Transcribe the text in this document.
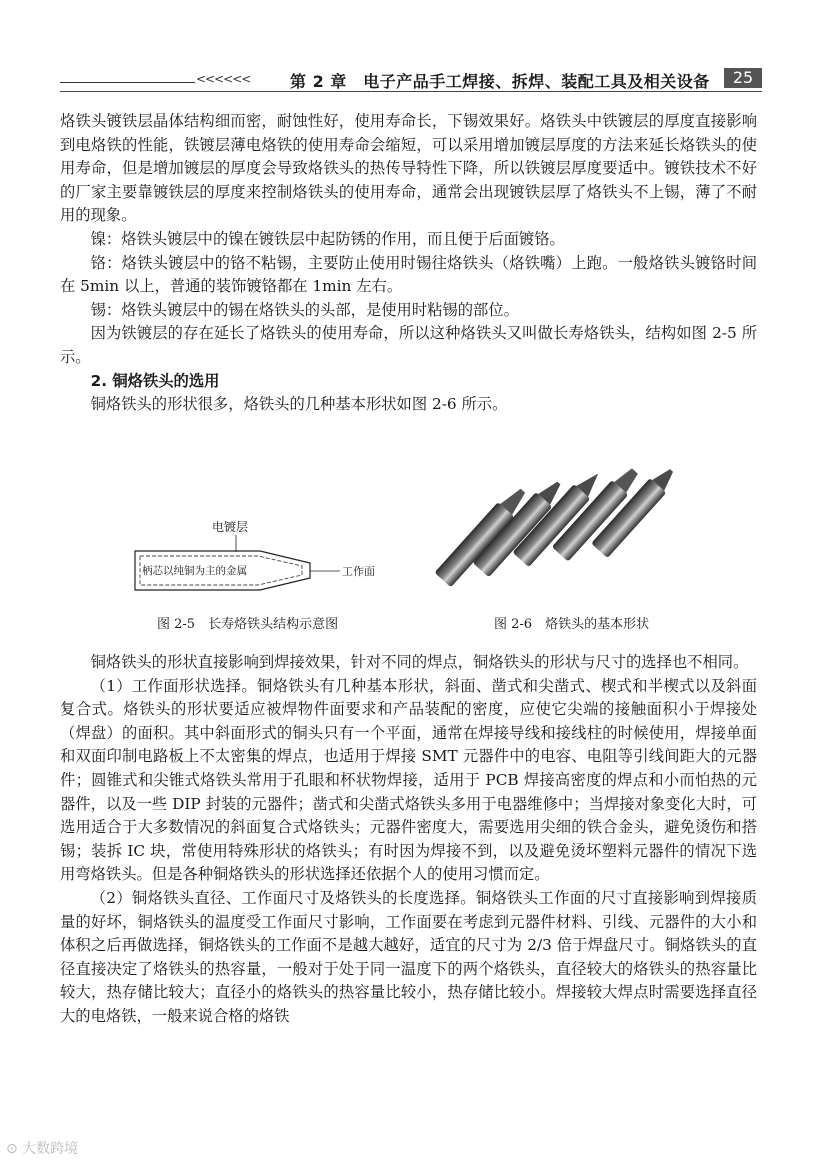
<<<<<< 第 2 章　电子产品手工焊接、拆焊、装配工具及相关设备	25

烙铁头镀铁层晶体结构细而密，耐蚀性好，使用寿命长，下锡效果好。烙铁头中铁镀层的厚度直接影响到电烙铁的性能，铁镀层薄电烙铁的使用寿命会缩短，可以采用增加镀层厚度的方法来延长烙铁头的使用寿命，但是增加镀层的厚度会导致烙铁头的热传导特性下降，所以铁镀层厚度要适中。镀铁技术不好的厂家主要靠镀铁层的厚度来控制烙铁头的使用寿命，通常会出现镀铁层厚了烙铁头不上锡，薄了不耐用的现象。

镍：烙铁头镀层中的镍在镀铁层中起防锈的作用，而且便于后面镀铬。

铬：烙铁头镀层中的铬不粘锡，主要防止使用时锡往烙铁头（烙铁嘴）上跑。一般烙铁头镀铬时间在 5min 以上，普通的装饰镀铬都在 1min 左右。

锡：烙铁头镀层中的锡在烙铁头的头部，是使用时粘锡的部位。

因为铁镀层的存在延长了烙铁头的使用寿命，所以这种烙铁头又叫做长寿烙铁头，结构如图 2-5 所示。

2. 铜烙铁头的选用

铜烙铁头的形状很多，烙铁头的几种基本形状如图 2-6 所示。

电镀层
柄芯以纯铜为主的金属	工作面
图 2-5　长寿烙铁头结构示意图	图 2-6　烙铁头的基本形状

铜烙铁头的形状直接影响到焊接效果，针对不同的焊点，铜烙铁头的形状与尺寸的选择也不相同。

（1）工作面形状选择。铜烙铁头有几种基本形状，斜面、凿式和尖凿式、楔式和半楔式以及斜面复合式。烙铁头的形状要适应被焊物件面要求和产品装配的密度，应使它尖端的接触面积小于焊接处（焊盘）的面积。其中斜面形式的铜头只有一个平面，通常在焊接导线和接线柱的时候使用，焊接单面和双面印制电路板上不太密集的焊点，也适用于焊接 SMT 元器件中的电容、电阻等引线间距大的元器件；圆锥式和尖锥式烙铁头常用于孔眼和杯状物焊接，适用于 PCB 焊接高密度的焊点和小而怕热的元器件，以及一些 DIP 封装的元器件；凿式和尖凿式烙铁头多用于电器维修中；当焊接对象变化大时，可选用适合于大多数情况的斜面复合式烙铁头；元器件密度大，需要选用尖细的铁合金头，避免烫伤和搭锡；装拆 IC 块，常使用特殊形状的烙铁头；有时因为焊接不到，以及避免烫坏塑料元器件的情况下选用弯烙铁头。但是各种铜烙铁头的形状选择还依据个人的使用习惯而定。

（2）铜烙铁头直径、工作面尺寸及烙铁头的长度选择。铜烙铁头工作面的尺寸直接影响到焊接质量的好坏，铜烙铁头的温度受工作面尺寸影响，工作面要在考虑到元器件材料、引线、元器件的大小和体积之后再做选择，铜烙铁头的工作面不是越大越好，适宜的尺寸为 2/3 倍于焊盘尺寸。铜烙铁头的直径直接决定了烙铁头的热容量，一般对于处于同一温度下的两个烙铁头，直径较大的烙铁头的热容量比较大，热存储比较大；直径小的烙铁头的热容量比较小，热存储比较小。焊接较大焊点时需要选择直径大的电烙铁，一般来说合格的烙铁

⊙ 大数跨境
